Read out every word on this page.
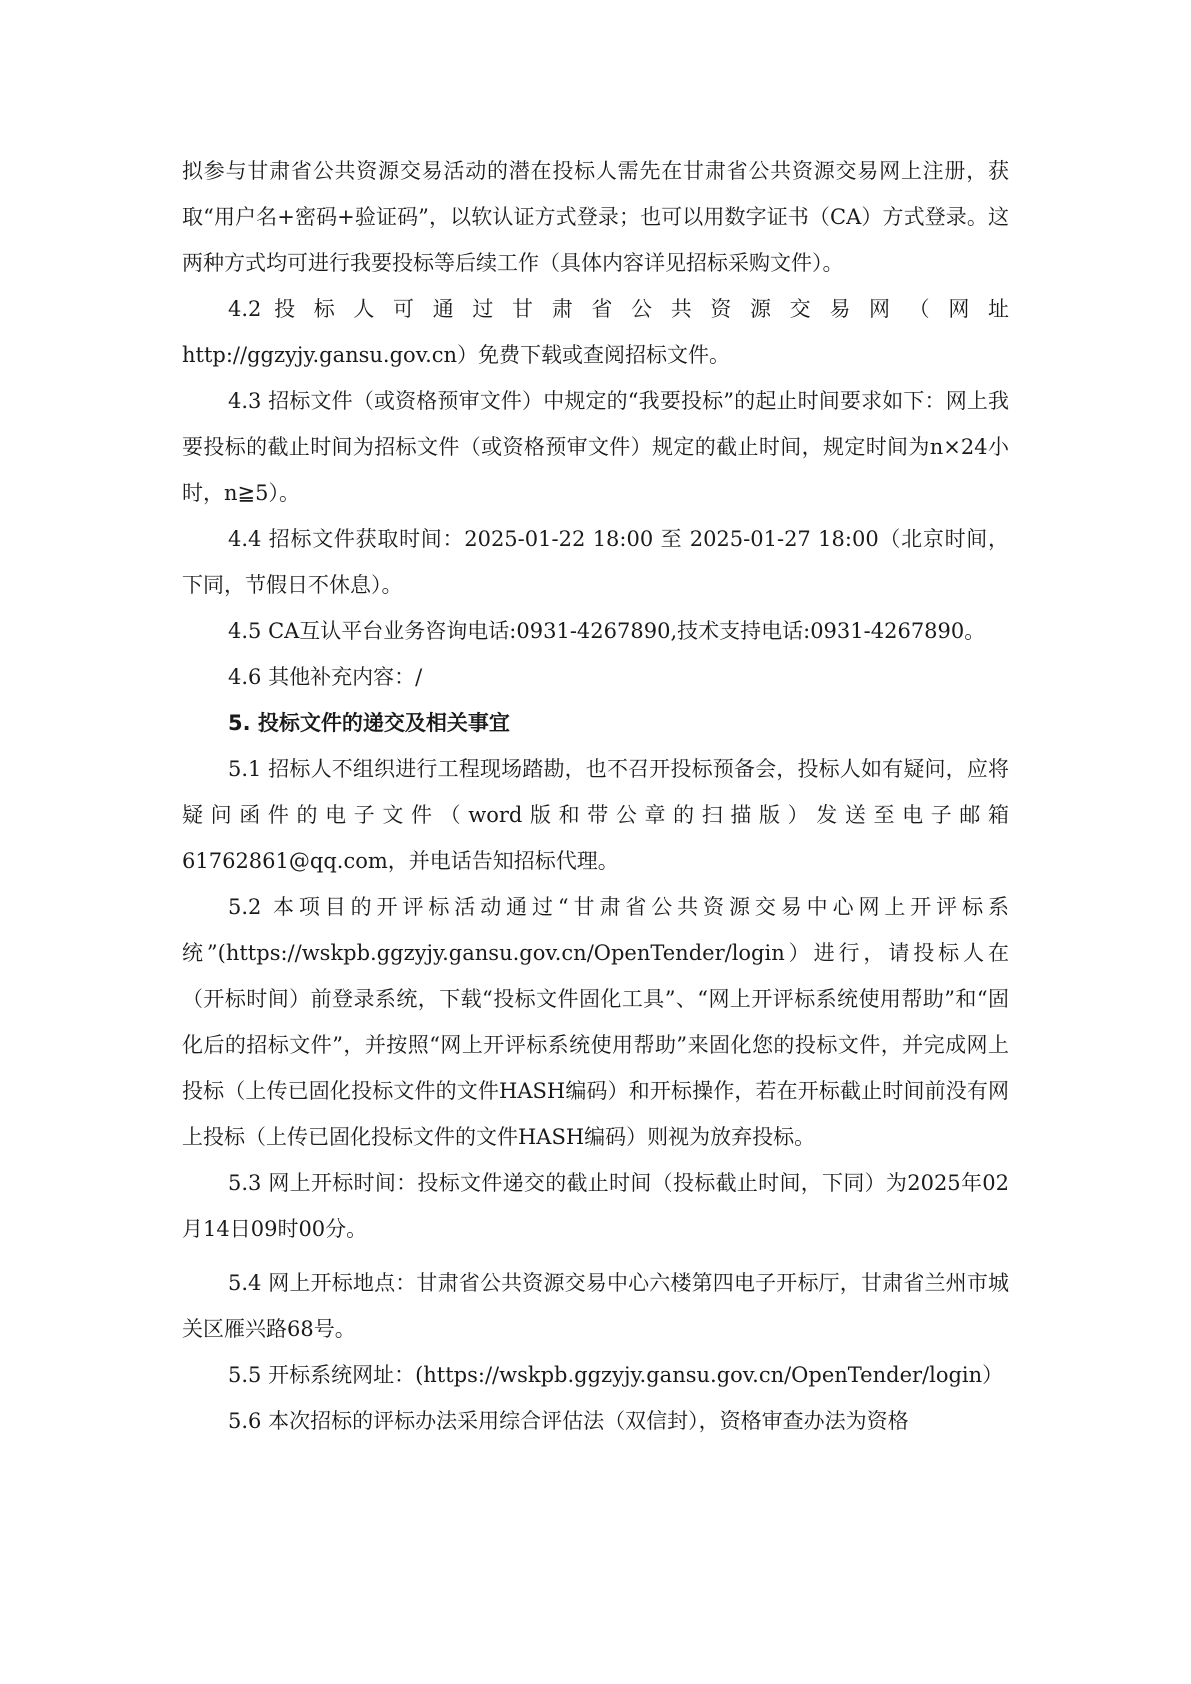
拟参与甘肃省公共资源交易活动的潜在投标人需先在甘肃省公共资源交易网上注册，获取“用户名+密码+验证码”，以软认证方式登录；也可以用数字证书（CA）方式登录。这两种方式均可进行我要投标等后续工作（具体内容详见招标采购文件）。

4.2 投 标 人 可 通 过 甘 肃 省 公 共 资 源 交 易 网 （ 网 址 http://ggzyjy.gansu.gov.cn）免费下载或查阅招标文件。

4.3 招标文件（或资格预审文件）中规定的“我要投标”的起止时间要求如下：网上我要投标的截止时间为招标文件（或资格预审文件）规定的截止时间，规定时间为n×24小时，n≧5）。

4.4 招标文件获取时间：2025-01-22 18:00 至 2025-01-27 18:00（北京时间，下同，节假日不休息）。

4.5 CA互认平台业务咨询电话:0931-4267890,技术支持电话:0931-4267890。

4.6 其他补充内容：/

5. 投标文件的递交及相关事宜

5.1 招标人不组织进行工程现场踏勘，也不召开投标预备会，投标人如有疑问，应将疑问函件的电子文件（word版和带公章的扫描版）发送至电子邮箱61762861@qq.com，并电话告知招标代理。

5.2 本项目的开评标活动通过“甘肃省公共资源交易中心网上开评标系统”(https://wskpb.ggzyjy.gansu.gov.cn/OpenTender/login）进行，请投标人在（开标时间）前登录系统，下载“投标文件固化工具”、“网上开评标系统使用帮助”和“固化后的招标文件”，并按照“网上开评标系统使用帮助”来固化您的投标文件，并完成网上投标（上传已固化投标文件的文件HASH编码）和开标操作，若在开标截止时间前没有网上投标（上传已固化投标文件的文件HASH编码）则视为放弃投标。

5.3 网上开标时间：投标文件递交的截止时间（投标截止时间，下同）为2025年02月14日09时00分。

5.4 网上开标地点：甘肃省公共资源交易中心六楼第四电子开标厅，甘肃省兰州市城关区雁兴路68号。

5.5 开标系统网址：(https://wskpb.ggzyjy.gansu.gov.cn/OpenTender/login）

5.6 本次招标的评标办法采用综合评估法（双信封），资格审查办法为资格
